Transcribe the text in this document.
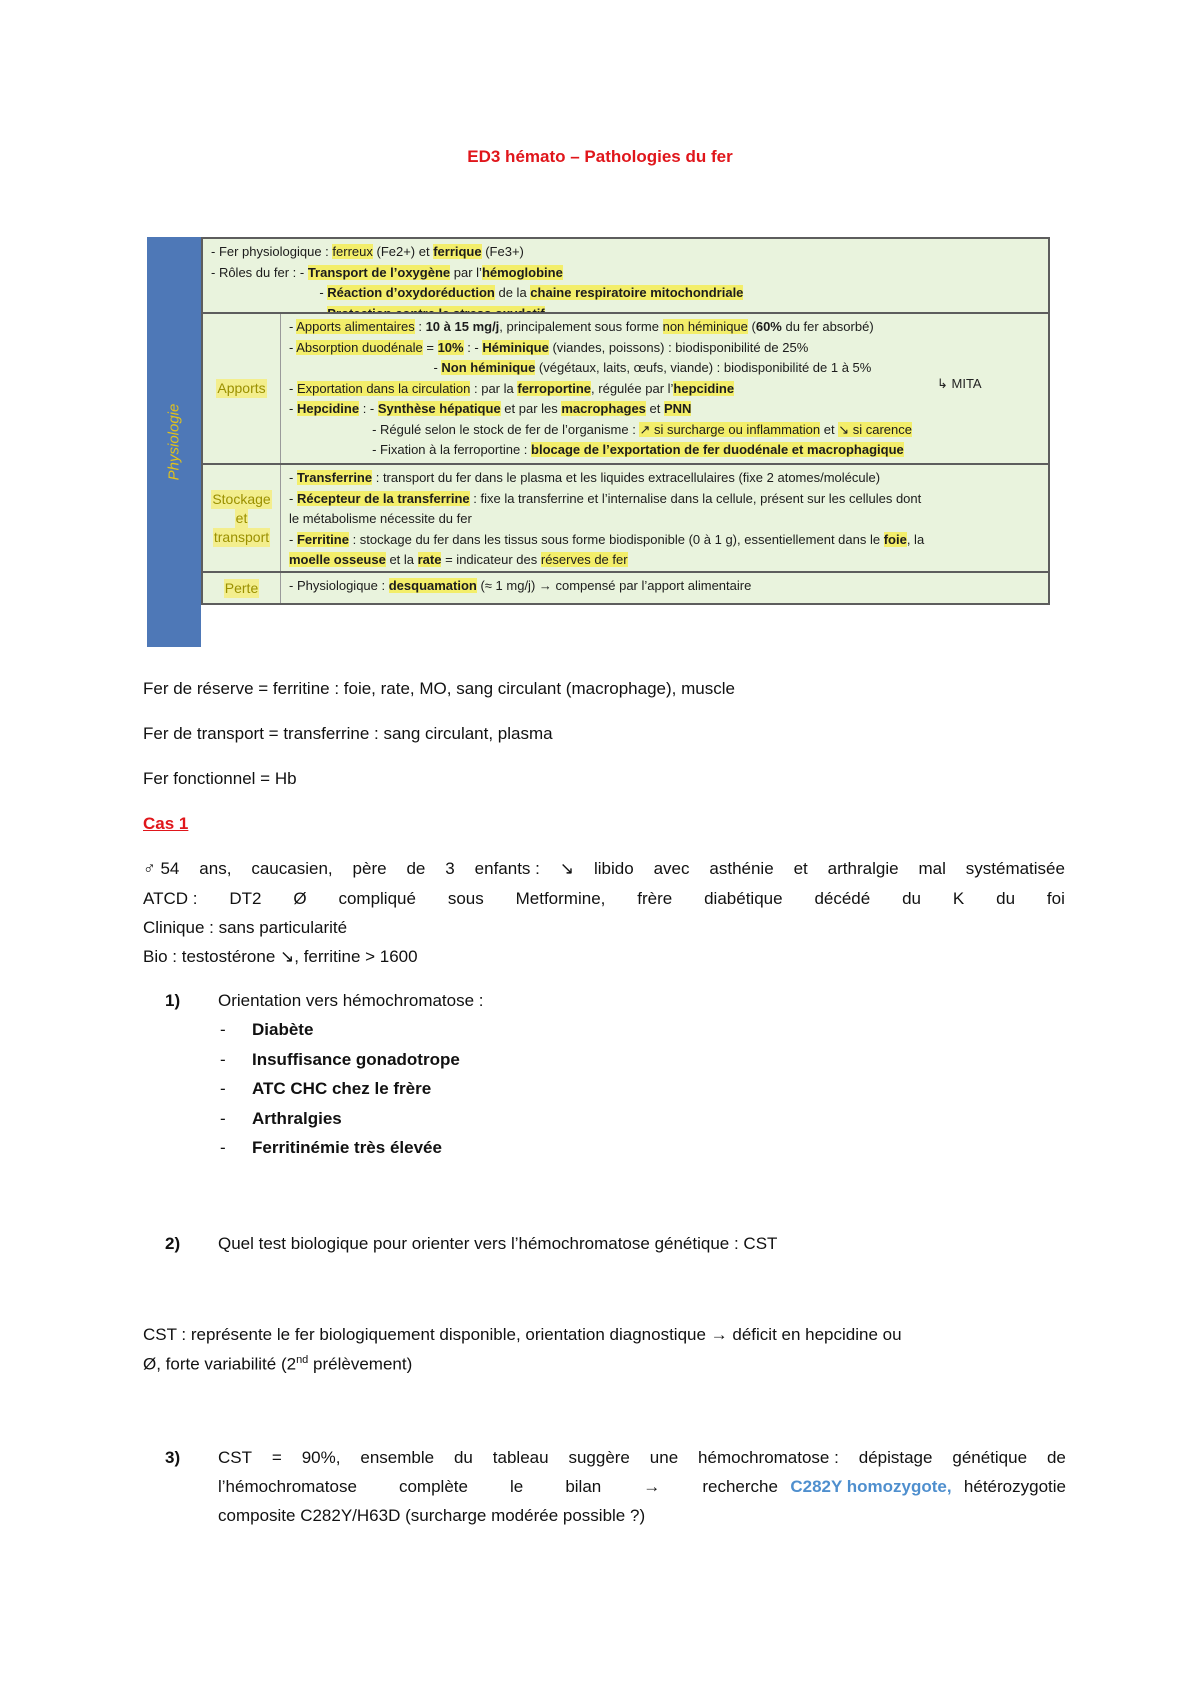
ED3 hémato – Pathologies du fer
Physiologie
- Fer physiologique : ferreux (Fe2+) et ferrique (Fe3+)
- Rôles du fer : - Transport de l’oxygène par l’hémoglobine
- Réaction d’oxydoréduction de la chaine respiratoire mitochondriale
Apports
- Apports alimentaires : 10 à 15 mg/j, principalement sous forme non héminique (60% du fer absorbé)
- Absorption duodénale = 10% : - Héminique (viandes, poissons) : biodisponibilité de 25%
- Non héminique (végétaux, laits, œufs, viande) : biodisponibilité de 1 à 5%
- Exportation dans la circulation : par la ferroportine, régulée par l’hepcidine
- Hepcidine : - Synthèse hépatique et par les macrophages et PNN
- Régulé selon le stock de fer de l’organisme : ↗ si surcharge ou inflammation et ↘ si carence
- Fixation à la ferroportine : blocage de l’exportation de fer duodénale et macrophagique
↳ MITA
Stockage
et
transport
- Transferrine : transport du fer dans le plasma et les liquides extracellulaires (fixe 2 atomes/molécule)
- Récepteur de la transferrine : fixe la transferrine et l’internalise dans la cellule, présent sur les cellules dont
le métabolisme nécessite du fer
- Ferritine : stockage du fer dans les tissus sous forme biodisponible (0 à 1 g), essentiellement dans le foie, la
moelle osseuse et la rate = indicateur des réserves de fer
Perte - Physiologique : desquamation (≈ 1 mg/j) → compensé par l’apport alimentaire
Fer de réserve = ferritine : foie, rate, MO, sang circulant (macrophage), muscle
Fer de transport = transferrine : sang circulant, plasma
Fer fonctionnel = Hb
Cas 1
♂ 54 ans, caucasien, père de 3 enfants : ↘ libido avec asthénie et arthralgie mal systématisée
ATCD : DT2 Ø compliqué sous Metformine, frère diabétique décédé du K du foi
Clinique : sans particularité
Bio : testostérone ↘, ferritine > 1600
1) Orientation vers hémochromatose :
- Diabète
- Insuffisance gonadotrope
- ATC CHC chez le frère
- Arthralgies
- Ferritinémie très élevée
2) Quel test biologique pour orienter vers l’hémochromatose génétique : CST
CST : représente le fer biologiquement disponible, orientation diagnostique → déficit en hepcidine ou
Ø, forte variabilité (2nd prélèvement)
3) CST = 90%, ensemble du tableau suggère une hémochromatose : dépistage génétique de
l’hémochromatose complète le bilan → recherche C282Y homozygote, hétérozygotie
composite C282Y/H63D (surcharge modérée possible ?)
